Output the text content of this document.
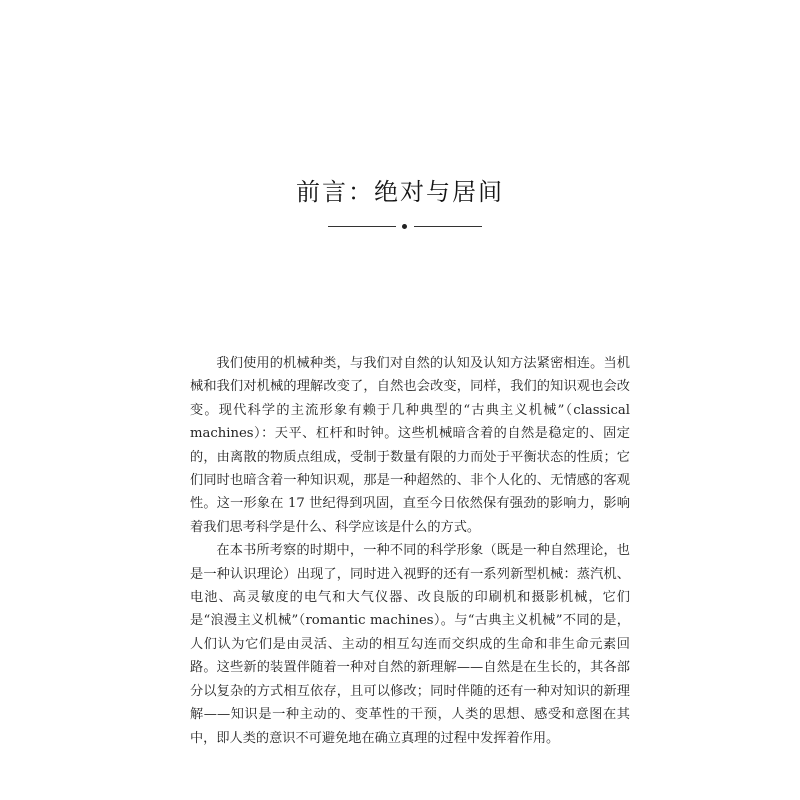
前言：绝对与居间

我们使用的机械种类，与我们对自然的认知及认知方法紧密相连。当机械和我们对机械的理解改变了，自然也会改变，同样，我们的知识观也会改变。现代科学的主流形象有赖于几种典型的“古典主义机械”（classical machines）：天平、杠杆和时钟。这些机械暗含着的自然是稳定的、固定的，由离散的物质点组成，受制于数量有限的力而处于平衡状态的性质；它们同时也暗含着一种知识观，那是一种超然的、非个人化的、无情感的客观性。这一形象在 17 世纪得到巩固，直至今日依然保有强劲的影响力，影响着我们思考科学是什么、科学应该是什么的方式。

在本书所考察的时期中，一种不同的科学形象（既是一种自然理论，也是一种认识理论）出现了，同时进入视野的还有一系列新型机械：蒸汽机、电池、高灵敏度的电气和大气仪器、改良版的印刷机和摄影机械，它们是“浪漫主义机械”（romantic machines）。与“古典主义机械”不同的是，人们认为它们是由灵活、主动的相互勾连而交织成的生命和非生命元素回路。这些新的装置伴随着一种对自然的新理解——自然是在生长的，其各部分以复杂的方式相互依存，且可以修改；同时伴随的还有一种对知识的新理解——知识是一种主动的、变革性的干预，人类的思想、感受和意图在其中，即人类的意识不可避免地在确立真理的过程中发挥着作用。
